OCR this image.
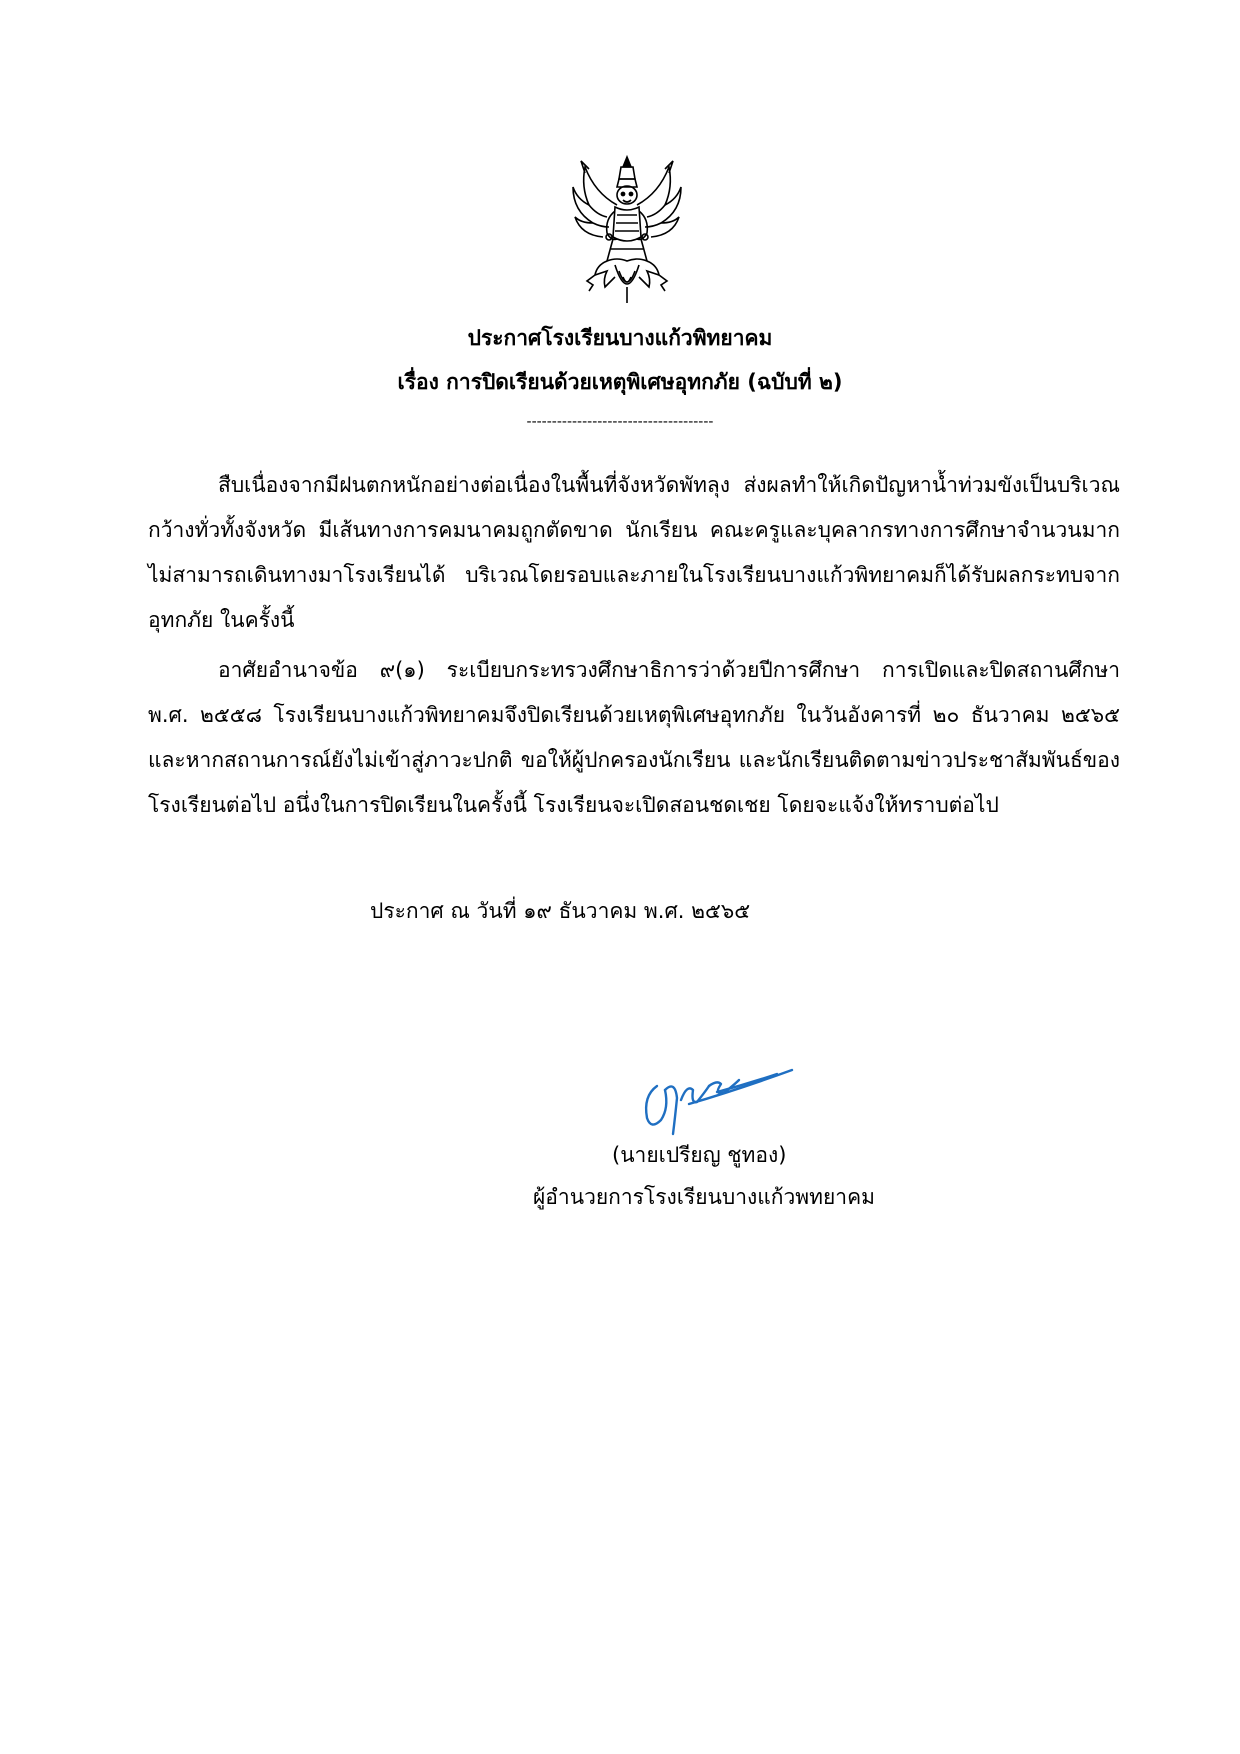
ประกาศโรงเรียนบางแก้วพิทยาคม
เรื่อง การปิดเรียนด้วยเหตุพิเศษอุทกภัย (ฉบับที่ ๒)
-------------------------------------

สืบเนื่องจากมีฝนตกหนักอย่างต่อเนื่องในพื้นที่จังหวัดพัทลุง ส่งผลทำให้เกิดปัญหาน้ำท่วมขังเป็นบริเวณกว้างทั่วทั้งจังหวัด มีเส้นทางการคมนาคมถูกตัดขาด นักเรียน คณะครูและบุคลากรทางการศึกษาจำนวนมากไม่สามารถเดินทางมาโรงเรียนได้ บริเวณโดยรอบและภายในโรงเรียนบางแก้วพิทยาคมก็ได้รับผลกระทบจากอุทกภัย ในครั้งนี้

อาศัยอำนาจข้อ ๙(๑) ระเบียบกระทรวงศึกษาธิการว่าด้วยปีการศึกษา การเปิดและปิดสถานศึกษา พ.ศ. ๒๕๕๘ โรงเรียนบางแก้วพิทยาคมจึงปิดเรียนด้วยเหตุพิเศษอุทกภัย ในวันอังคารที่ ๒๐ ธันวาคม ๒๕๖๕ และหากสถานการณ์ยังไม่เข้าสู่ภาวะปกติ ขอให้ผู้ปกครองนักเรียน และนักเรียนติดตามข่าวประชาสัมพันธ์ของโรงเรียนต่อไป อนึ่งในการปิดเรียนในครั้งนี้ โรงเรียนจะเปิดสอนชดเชย โดยจะแจ้งให้ทราบต่อไป

ประกาศ ณ วันที่ ๑๙ ธันวาคม พ.ศ. ๒๕๖๕
(นายเปรียญ ชูทอง)
ผู้อำนวยการโรงเรียนบางแก้วพทยาคม
